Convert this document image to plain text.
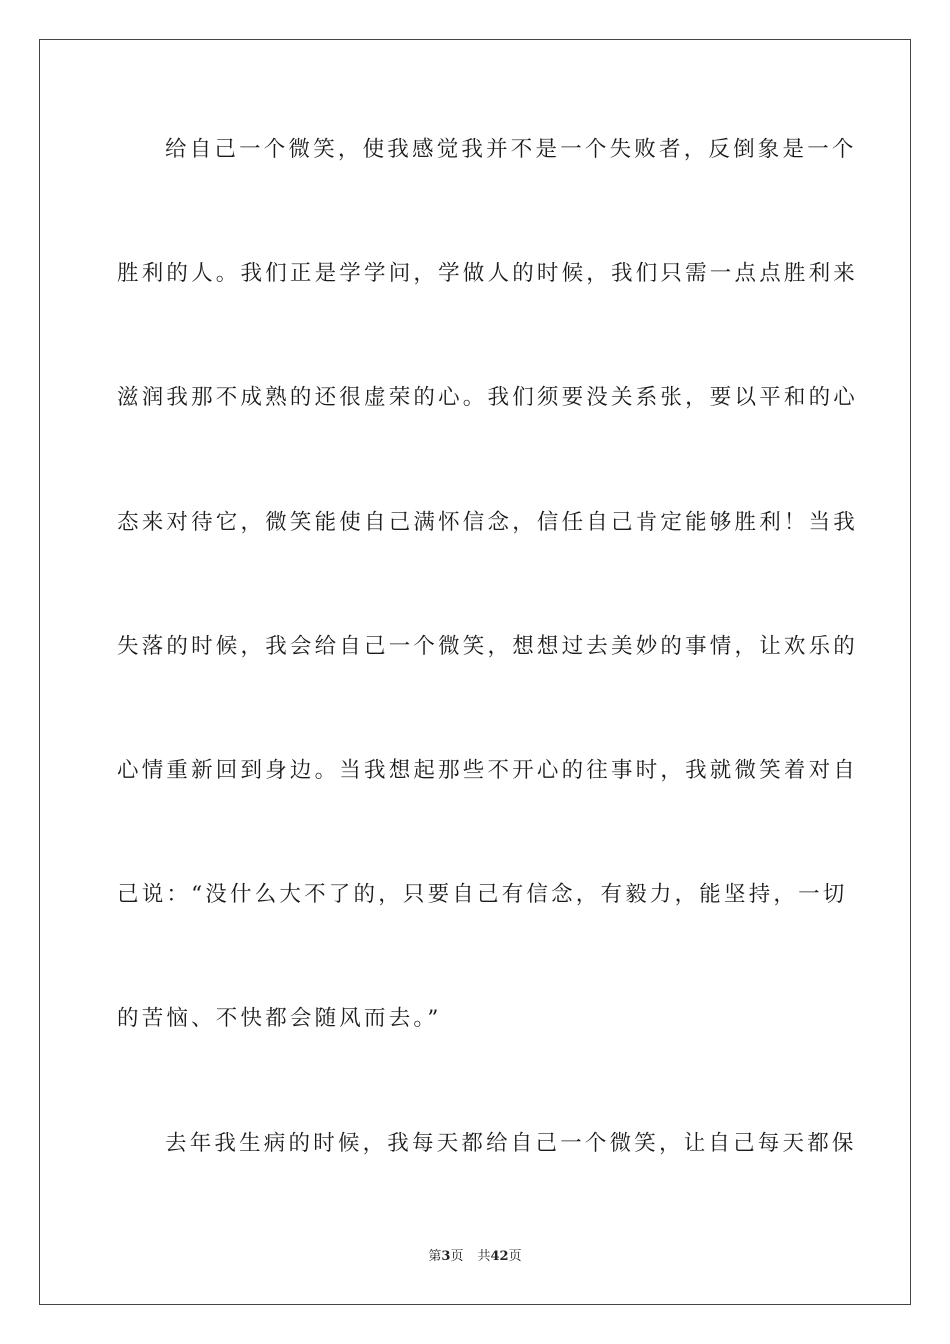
给自己一个微笑，使我感觉我并不是一个失败者，反倒象是一个
胜利的人。我们正是学学问，学做人的时候，我们只需一点点胜利来
滋润我那不成熟的还很虚荣的心。我们须要没关系张，要以平和的心
态来对待它，微笑能使自己满怀信念，信任自己肯定能够胜利！当我
失落的时候，我会给自己一个微笑，想想过去美妙的事情，让欢乐的
心情重新回到身边。当我想起那些不开心的往事时，我就微笑着对自
己说：“没什么大不了的，只要自己有信念，有毅力，能坚持，一切
的苦恼、不快都会随风而去。”
去年我生病的时候，我每天都给自己一个微笑，让自己每天都保
第3页 共42页
